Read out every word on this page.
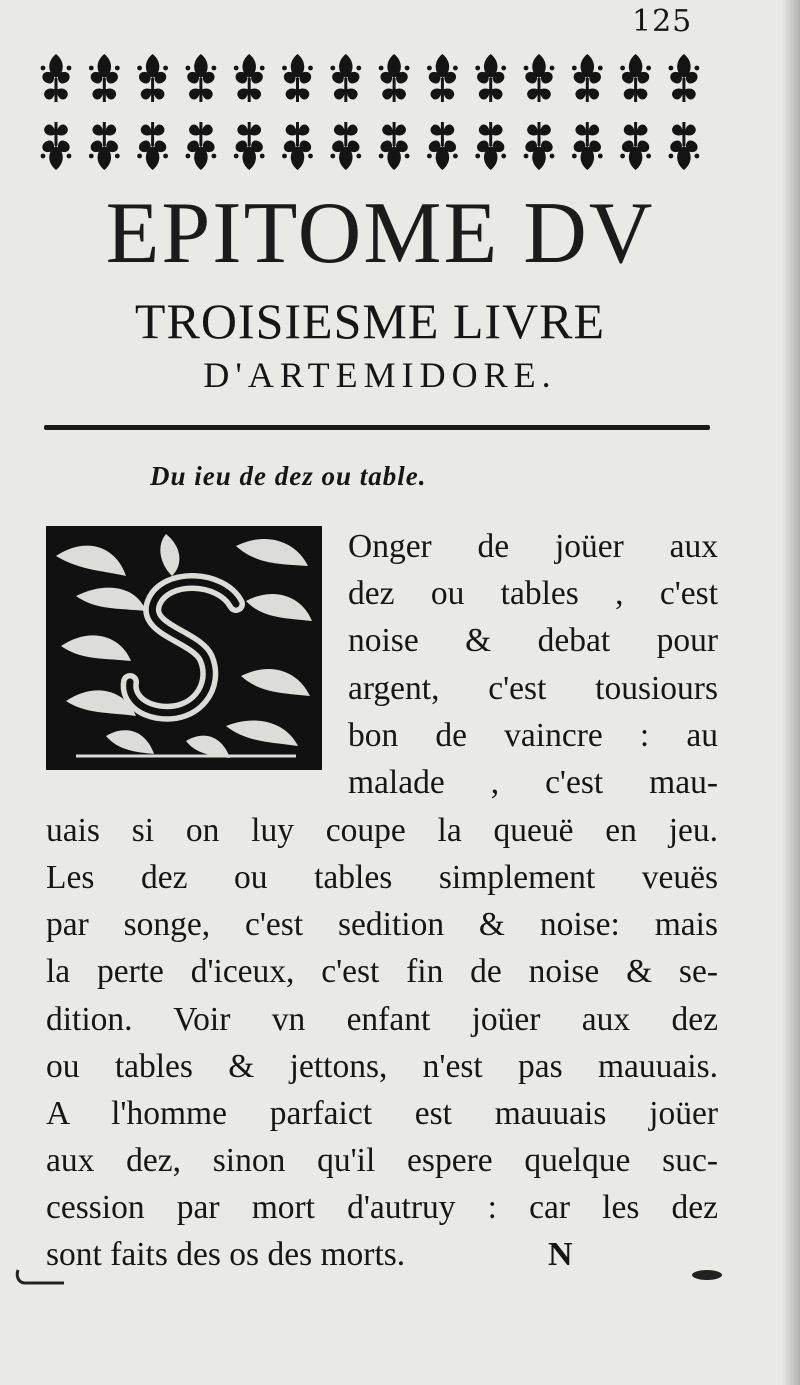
125
EPITOME DV
TROISIESME LIVRE
D'ARTEMIDORE.
Du ieu de dez ou table.
Onger de joüer aux
dez ou tables , c'est
noise & debat pour
argent, c'est tousiours
bon de vaincre : au
malade , c'est mau-
uais si on luy coupe la queuë en jeu.
Les dez ou tables simplement veuës
par songe, c'est sedition & noise: mais
la perte d'iceux, c'est fin de noise & se-
dition. Voir vn enfant joüer aux dez
ou tables & jettons, n'est pas mauuais.
A l'homme parfaict est mauuais joüer
aux dez, sinon qu'il espere quelque suc-
cession par mort d'autruy : car les dez
sont faits des os des morts.	N
